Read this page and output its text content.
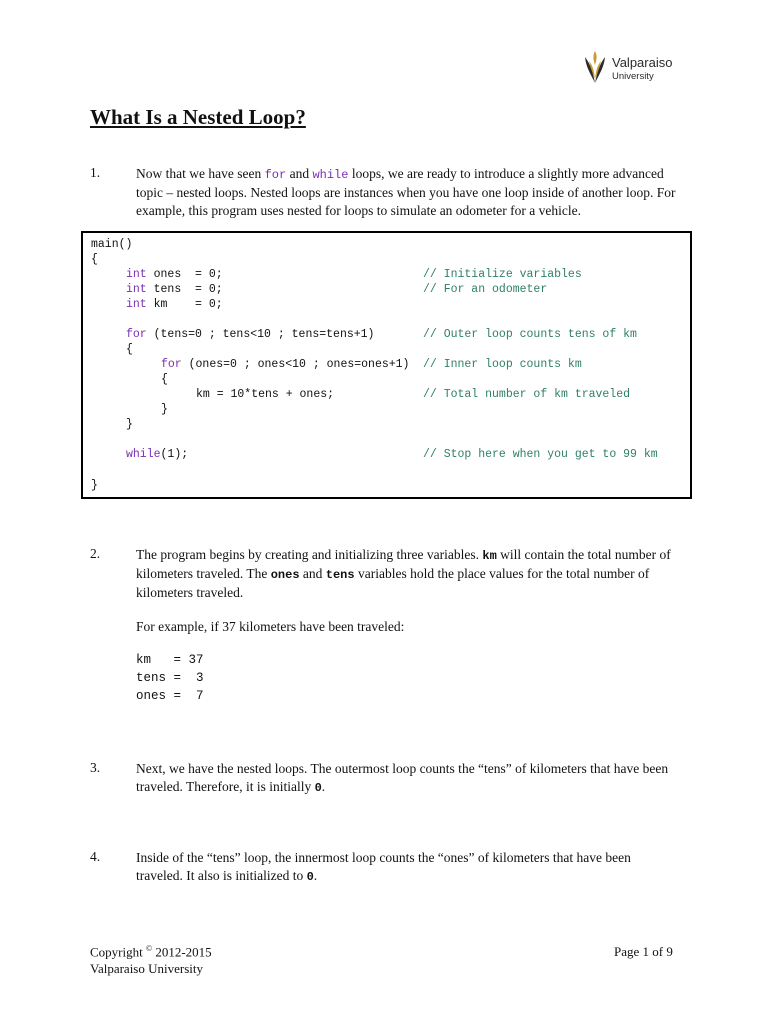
Valparaiso
University
What Is a Nested Loop?
1.	Now that we have seen for and while loops, we are ready to introduce a slightly more advanced topic – nested loops. Nested loops are instances when you have one loop inside of another loop. For example, this program uses nested for loops to simulate an odometer for a vehicle.

main()
{
int ones  = 0;	// Initialize variables
int tens  = 0;	// For an odometer
int km    = 0;
for (tens=0 ; tens<10 ; tens=tens+1)	// Outer loop counts tens of km
{
for (ones=0 ; ones<10 ; ones=ones+1) // Inner loop counts km
{
km = 10*tens + ones;	// Total number of km traveled
}
}
while(1);	// Stop here when you get to 99 km
}
2.	The program begins by creating and initializing three variables. km will contain the total number of kilometers traveled. The ones and tens variables hold the place values for the total number of kilometers traveled.

For example, if 37 kilometers have been traveled:

km   = 37
tens =  3
ones =  7
3.	Next, we have the nested loops. The outermost loop counts the “tens” of kilometers that have been traveled. Therefore, it is initially 0.

4.	Inside of the “tens” loop, the innermost loop counts the “ones” of kilometers that have been traveled. It also is initialized to 0.

Copyright © 2012-2015
Valparaiso University
Page 1 of 9
